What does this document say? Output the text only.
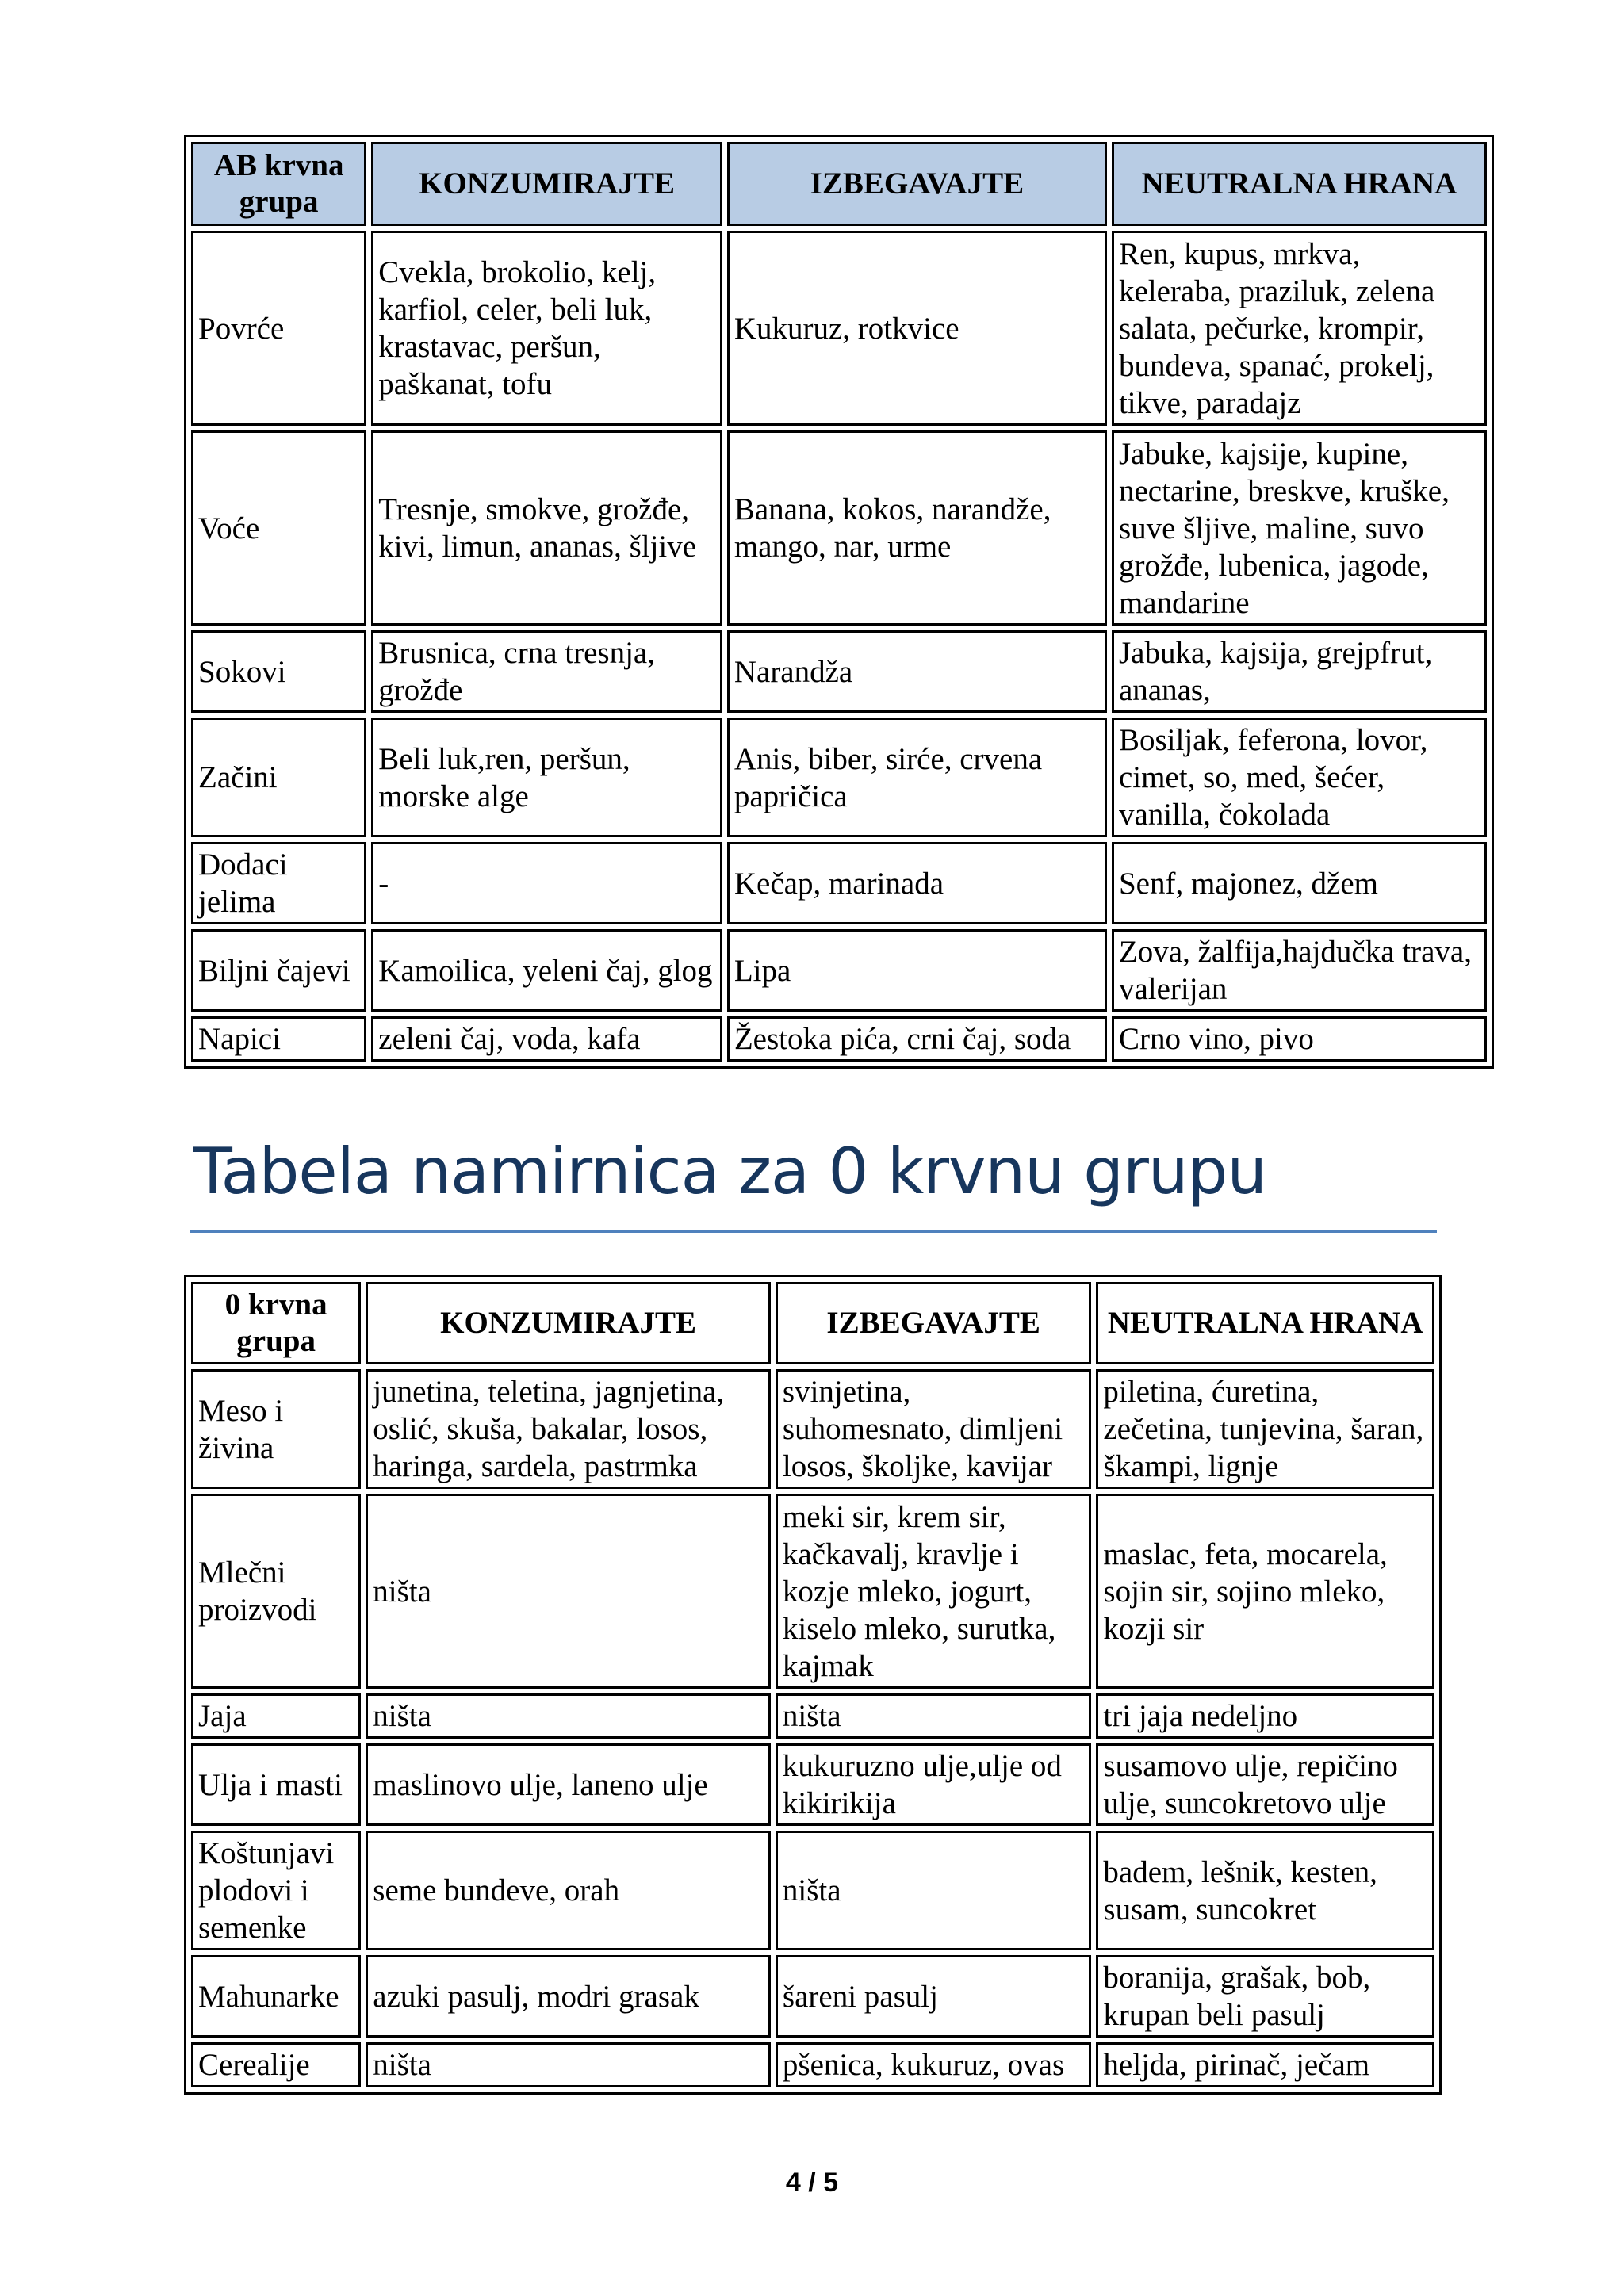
AB krvna grupa	KONZUMIRAJTE	IZBEGAVAJTE	NEUTRALNA HRANA
Povrće	Cvekla, brokolio, kelj, karfiol, celer, beli luk, krastavac, peršun, paškanat, tofu	Kukuruz, rotkvice	Ren, kupus, mrkva, keleraba, praziluk, zelena salata, pečurke, krompir, bundeva, spanać, prokelj, tikve, paradajz
Voće	Tresnje, smokve, grožđe, kivi, limun, ananas, šljive	Banana, kokos, narandže, mango, nar, urme	Jabuke, kajsije, kupine, nectarine, breskve, kruške, suve šljive, maline, suvo grožđe, lubenica, jagode, mandarine
Sokovi	Brusnica, crna tresnja, grožđe	Narandža	Jabuka, kajsija, grejpfrut, ananas,
Začini	Beli luk,ren, peršun, morske alge	Anis, biber, sirće, crvena papričica	Bosiljak, feferona, lovor, cimet, so, med, šećer, vanilla, čokolada
Dodaci jelima	-	Kečap, marinada	Senf, majonez, džem
Biljni čajevi	Kamoilica, yeleni čaj, glog	Lipa	Zova, žalfija,hajdučka trava, valerijan
Napici	zeleni čaj, voda, kafa	Žestoka pića, crni čaj, soda	Crno vino, pivo
Tabela namirnica za 0 krvnu grupu
0 krvna grupa	KONZUMIRAJTE	IZBEGAVAJTE	NEUTRALNA HRANA
Meso i živina	junetina, teletina, jagnjetina, oslić, skuša, bakalar, losos, haringa, sardela, pastrmka	svinjetina, suhomesnato, dimljeni losos, školjke, kavijar	piletina, ćuretina, zečetina, tunjevina, šaran, škampi, lignje
Mlečni proizvodi	ništa	meki sir, krem sir, kačkavalj, kravlje i kozje mleko, jogurt, kiselo mleko, surutka, kajmak	maslac, feta, mocarela, sojin sir, sojino mleko, kozji sir
Jaja	ništa	ništa	tri jaja nedeljno
Ulja i masti	maslinovo ulje, laneno ulje	kukuruzno ulje,ulje od kikirikija	susamovo ulje, repičino ulje, suncokretovo ulje
Koštunjavi plodovi i semenke	seme bundeve, orah	ništa	badem, lešnik, kesten, susam, suncokret
Mahunarke	azuki pasulj, modri grasak	šareni pasulj	boranija, grašak, bob, krupan beli pasulj
Cerealije	ništa	pšenica, kukuruz, ovas	heljda, pirinač, ječam
4 / 5
